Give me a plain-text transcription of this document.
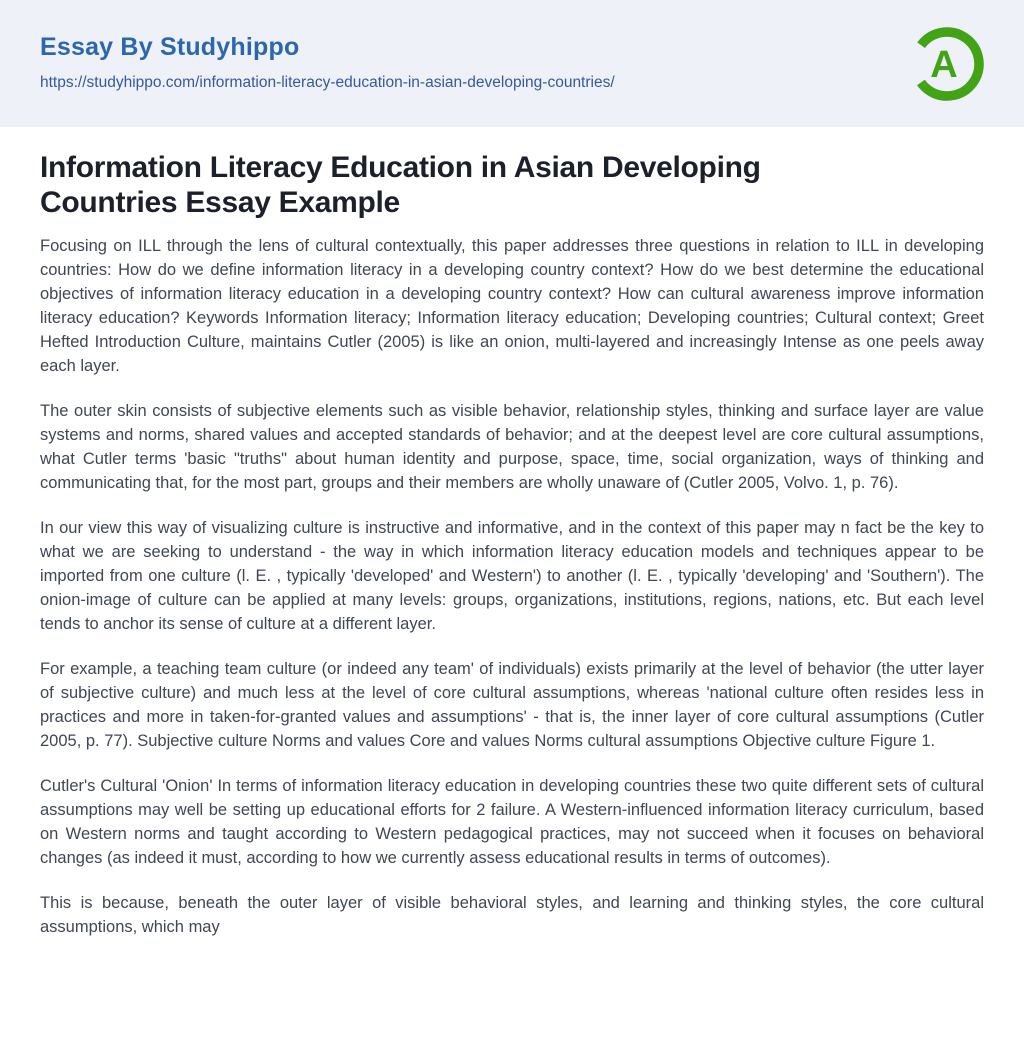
Essay By Studyhippo
https://studyhippo.com/information-literacy-education-in-asian-developing-countries/	A
Information Literacy Education in Asian Developing Countries Essay Example

Focusing on ILL through the lens of cultural contextually, this paper addresses three questions in relation to ILL in developing countries: How do we define information literacy in a developing country context? How do we best determine the educational objectives of information literacy education in a developing country context? How can cultural awareness improve information literacy education? Keywords Information literacy; Information literacy education; Developing countries; Cultural context; Greet Hefted Introduction Culture, maintains Cutler (2005) is like an onion, multi-layered and increasingly Intense as one peels away each layer.

The outer skin consists of subjective elements such as visible behavior, relationship styles, thinking and surface layer are value systems and norms, shared values and accepted standards of behavior; and at the deepest level are core cultural assumptions, what Cutler terms 'basic "truths" about human identity and purpose, space, time, social organization, ways of thinking and communicating that, for the most part, groups and their members are wholly unaware of (Cutler 2005, Volvo. 1, p. 76).

In our view this way of visualizing culture is instructive and informative, and in the context of this paper may n fact be the key to what we are seeking to understand - the way in which information literacy education models and techniques appear to be imported from one culture (l. E. , typically 'developed' and Western') to another (l. E. , typically 'developing' and 'Southern'). The onion-image of culture can be applied at many levels: groups, organizations, institutions, regions, nations, etc. But each level tends to anchor its sense of culture at a different layer.

For example, a teaching team culture (or indeed any team' of individuals) exists primarily at the level of behavior (the utter layer of subjective culture) and much less at the level of core cultural assumptions, whereas 'national culture often resides less in practices and more in taken-for-granted values and assumptions' - that is, the inner layer of core cultural assumptions (Cutler 2005, p. 77). Subjective culture Norms and values Core and values Norms cultural assumptions Objective culture Figure 1.

Cutler's Cultural 'Onion' In terms of information literacy education in developing countries these two quite different sets of cultural assumptions may well be setting up educational efforts for 2 failure. A Western-influenced information literacy curriculum, based on Western norms and taught according to Western pedagogical practices, may not succeed when it focuses on behavioral changes (as indeed it must, according to how we currently assess educational results in terms of outcomes).

This is because, beneath the outer layer of visible behavioral styles, and learning and thinking styles, the core cultural assumptions, which may
